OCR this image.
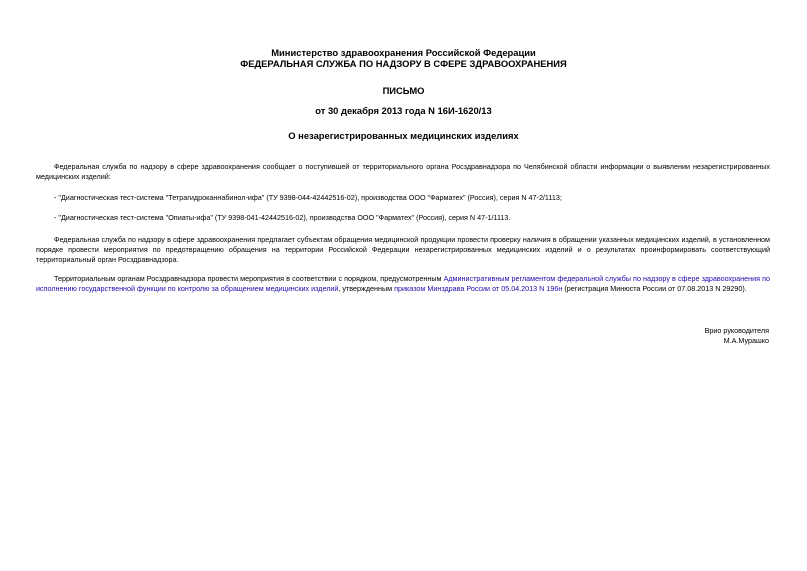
Министерство здравоохранения Российской Федерации
ФЕДЕРАЛЬНАЯ СЛУЖБА ПО НАДЗОРУ В СФЕРЕ ЗДРАВООХРАНЕНИЯ
ПИСЬМО
от 30 декабря 2013 года N 16И-1620/13
О незарегистрированных медицинских изделиях

Федеральная служба по надзору в сфере здравоохранения сообщает о поступившей от территориального органа Росздравнадзора по Челябинской области информации о выявлении незарегистрированных медицинских изделий:

- "Диагностическая тест-система "Тетрагидроканнабинол-ифа" (ТУ 9398-044-42442516-02), производства ООО "Фарматех" (Россия), серия N 47-2/1113;

- "Диагностическая тест-система "Опиаты-ифа" (ТУ 9398-041-42442516-02), производства ООО "Фарматех" (Россия), серия N 47-1/1113.

Федеральная служба по надзору в сфере здравоохранения предлагает субъектам обращения медицинской продукции провести проверку наличия в обращении указанных медицинских изделий, в установленном порядке провести мероприятия по предотвращению обращения на территории Российской Федерации незарегистрированных медицинских изделий и о результатах проинформировать соответствующий территориальный орган Росздравнадзора.

Территориальным органам Росздравнадзора провести мероприятия в соответствии с порядком, предусмотренным Административным регламентом федеральной службы по надзору в сфере здравоохранения по исполнению государственной функции по контролю за обращением медицинских изделий, утвержденным приказом Минздрава России от 05.04.2013 N 196н (регистрация Минюста России от 07.08.2013 N 29290).

Врио руководителя
М.А.Мурашко
